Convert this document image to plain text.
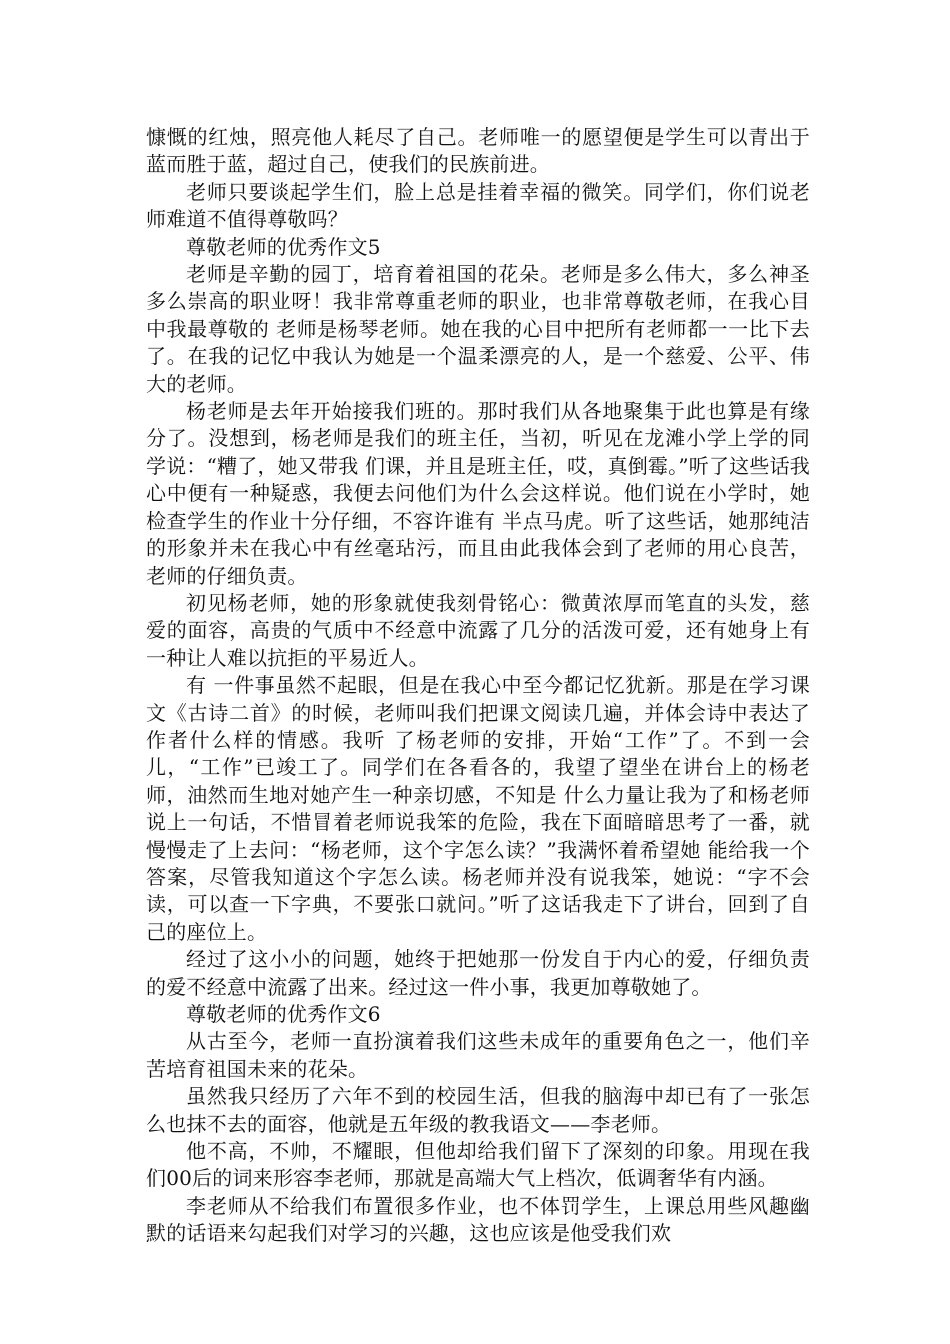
慷慨的红烛，照亮他人耗尽了自己。老师唯一的愿望便是学生可以青出于蓝而胜于蓝，超过自己，使我们的民族前进。

老师只要谈起学生们，脸上总是挂着幸福的微笑。同学们，你们说老师难道不值得尊敬吗？

尊敬老师的优秀作文5

老师是辛勤的园丁，培育着祖国的花朵。老师是多么伟大，多么神圣多么崇高的职业呀！我非常尊重老师的职业，也非常尊敬老师，在我心目中我最尊敬的 老师是杨琴老师。她在我的心目中把所有老师都一一比下去了。在我的记忆中我认为她是一个温柔漂亮的人，是一个慈爱、公平、伟大的老师。

杨老师是去年开始接我们班的。那时我们从各地聚集于此也算是有缘分了。没想到，杨老师是我们的班主任，当初，听见在龙滩小学上学的同学说：“糟了，她又带我 们课，并且是班主任，哎，真倒霉。”听了这些话我心中便有一种疑惑，我便去问他们为什么会这样说。他们说在小学时，她检查学生的作业十分仔细，不容许谁有 半点马虎。听了这些话，她那纯洁的形象并未在我心中有丝毫玷污，而且由此我体会到了老师的用心良苦，老师的仔细负责。

初见杨老师，她的形象就使我刻骨铭心：微黄浓厚而笔直的头发，慈爱的面容，高贵的气质中不经意中流露了几分的活泼可爱，还有她身上有一种让人难以抗拒的平易近人。

有 一件事虽然不起眼，但是在我心中至今都记忆犹新。那是在学习课文《古诗二首》的时候，老师叫我们把课文阅读几遍，并体会诗中表达了作者什么样的情感。我听 了杨老师的安排，开始“工作”了。不到一会儿，“工作”已竣工了。同学们在各看各的，我望了望坐在讲台上的杨老师，油然而生地对她产生一种亲切感，不知是 什么力量让我为了和杨老师说上一句话，不惜冒着老师说我笨的危险，我在下面暗暗思考了一番，就慢慢走了上去问：“杨老师，这个字怎么读？”我满怀着希望她 能给我一个答案，尽管我知道这个字怎么读。杨老师并没有说我笨，她说：“字不会读，可以查一下字典，不要张口就问。”听了这话我走下了讲台，回到了自己的座位上。

经过了这小小的问题，她终于把她那一份发自于内心的爱，仔细负责的爱不经意中流露了出来。经过这一件小事，我更加尊敬她了。

尊敬老师的优秀作文6

从古至今，老师一直扮演着我们这些未成年的重要角色之一，他们辛苦培育祖国未来的花朵。

虽然我只经历了六年不到的校园生活，但我的脑海中却已有了一张怎么也抹不去的面容，他就是五年级的教我语文——李老师。

他不高，不帅，不耀眼，但他却给我们留下了深刻的印象。用现在我们00后的词来形容李老师，那就是高端大气上档次，低调奢华有内涵。

李老师从不给我们布置很多作业，也不体罚学生，上课总用些风趣幽默的话语来勾起我们对学习的兴趣，这也应该是他受我们欢
